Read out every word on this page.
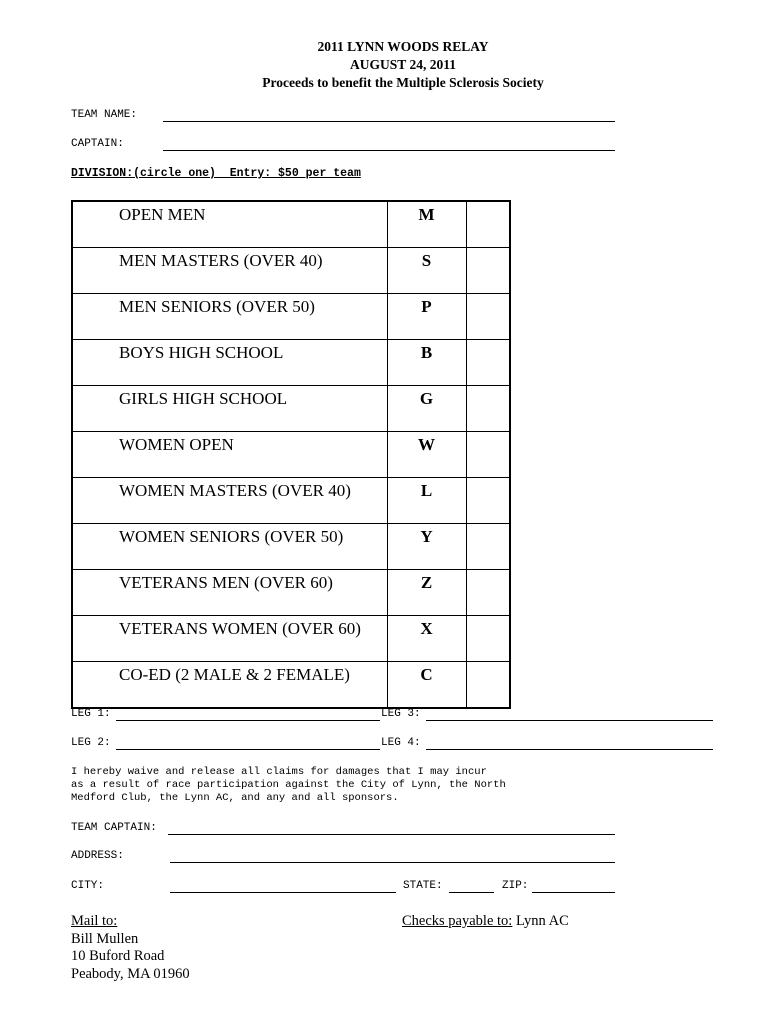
2011 LYNN WOODS RELAY
AUGUST 24, 2011
Proceeds to benefit the Multiple Sclerosis Society
TEAM NAME:
CAPTAIN:
DIVISION:(circle one)  Entry: $50 per team
OPEN MEN	M	
MEN MASTERS (OVER 40)	S	
MEN SENIORS (OVER 50)	P	
BOYS HIGH SCHOOL	B	
GIRLS HIGH SCHOOL	G	
WOMEN OPEN	W	
WOMEN MASTERS (OVER 40)	L	
WOMEN SENIORS (OVER 50)	Y	
VETERANS MEN (OVER 60)	Z	
VETERANS WOMEN (OVER 60)	X	
CO-ED (2 MALE & 2 FEMALE)	C	
LEG 1:	LEG 3:
LEG 2:	LEG 4:
I hereby waive and release all claims for damages that I may incur
as a result of race participation against the City of Lynn, the North
Medford Club, the Lynn AC, and any and all sponsors.
TEAM CAPTAIN:
ADDRESS:
CITY:	STATE:	ZIP:
Mail to:
Bill Mullen
10 Buford Road
Peabody, MA 01960
Checks payable to: Lynn AC
